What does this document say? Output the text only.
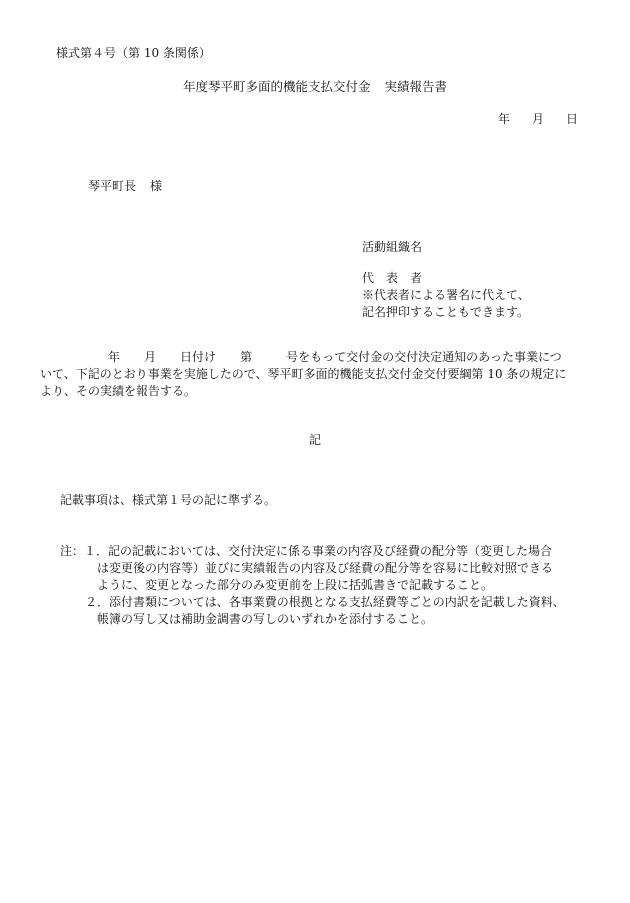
様式第４号（第 10 条関係）
年度琴平町多面的機能支払交付金 実績報告書
年 月 日
琴平町長 様
活動組織名
代 表 者
※代表者による署名に代えて、
記名押印することもできます。
年 月 日付け 第	号をもって交付金の交付決定通知のあった事業につ
いて、下記のとおり事業を実施したので、琴平町多面的機能支払交付金交付要綱第 10 条の規定に
より、その実績を報告する。
記
記載事項は、様式第１号の記に準ずる。
注：１．記の記載においては、交付決定に係る事業の内容及び経費の配分等（変更した場合
は変更後の内容等）並びに実績報告の内容及び経費の配分等を容易に比較対照できる
ように、変更となった部分のみ変更前を上段に括弧書きで記載すること。
２．添付書類については、各事業費の根拠となる支払経費等ごとの内訳を記載した資料、
帳簿の写し又は補助金調書の写しのいずれかを添付すること。
